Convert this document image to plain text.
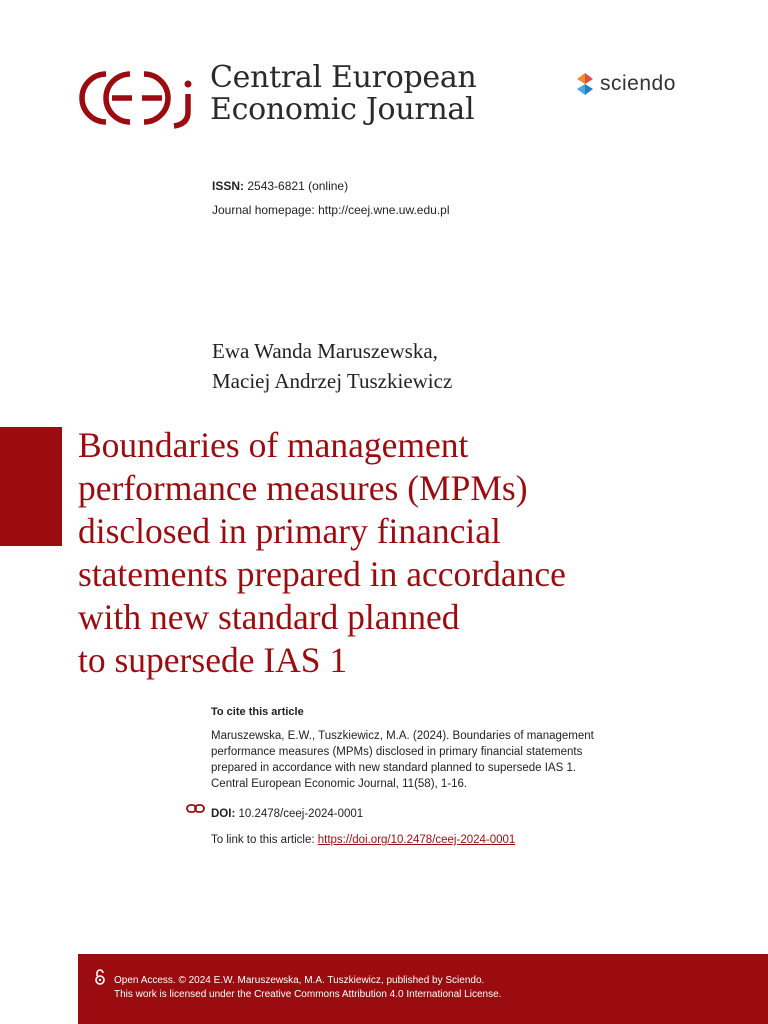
Central European
Economic Journal
sciendo
ISSN: 2543-6821 (online)
Journal homepage: http://ceej.wne.uw.edu.pl
Ewa Wanda Maruszewska,
Maciej Andrzej Tuszkiewicz
Boundaries of management
performance measures (MPMs)
disclosed in primary financial
statements prepared in accordance
with new standard planned
to supersede IAS 1
To cite this article
Maruszewska, E.W., Tuszkiewicz, M.A. (2024). Boundaries of management
performance measures (MPMs) disclosed in primary financial statements
prepared in accordance with new standard planned to supersede IAS 1.
Central European Economic Journal, 11(58), 1-16.
DOI: 10.2478/ceej-2024-0001
To link to this article: https://doi.org/10.2478/ceej-2024-0001
Open Access. © 2024 E.W. Maruszewska, M.A. Tuszkiewicz, published by Sciendo.
This work is licensed under the Creative Commons Attribution 4.0 International License.
